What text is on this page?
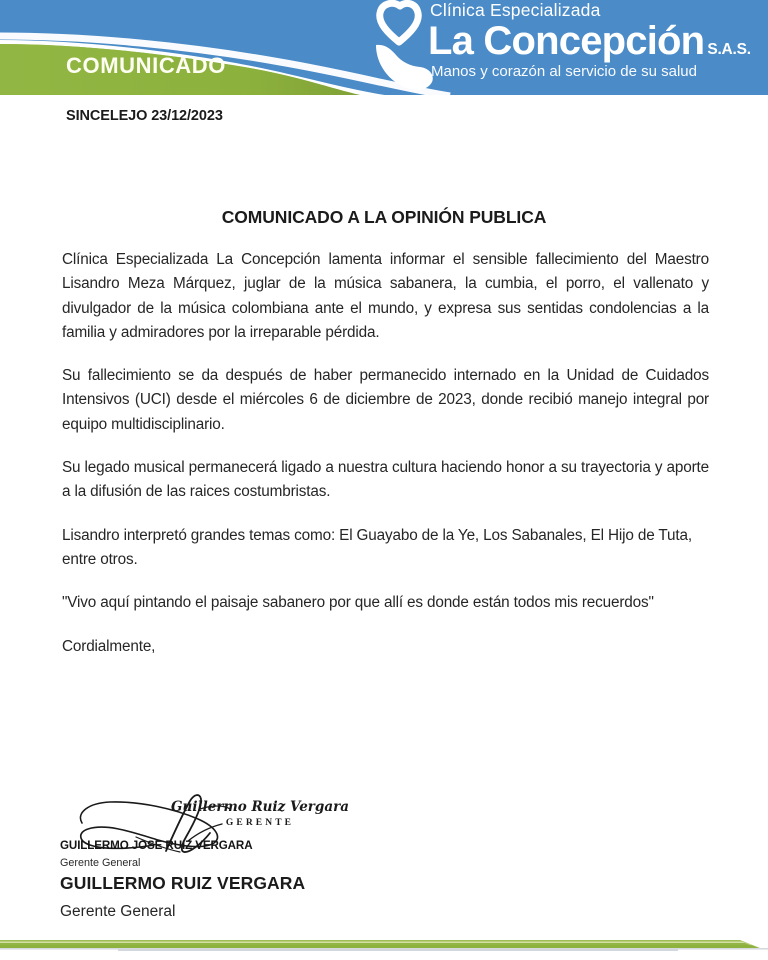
Clínica Especializada
La Concepción S.A.S.
Manos y corazón al servicio de su salud
COMUNICADO
SINCELEJO 23/12/2023
COMUNICADO A LA OPINIÓN PUBLICA

Clínica Especializada La Concepción lamenta informar el sensible fallecimiento del Maestro Lisandro Meza Márquez, juglar de la música sabanera, la cumbia, el porro, el vallenato y divulgador de la música colombiana ante el mundo, y expresa sus sentidas condolencias a la familia y admiradores por la irreparable pérdida.

Su fallecimiento se da después de haber permanecido internado en la Unidad de Cuidados Intensivos (UCI) desde el miércoles 6 de diciembre de 2023, donde recibió manejo integral por equipo multidisciplinario.

Su legado musical permanecerá ligado a nuestra cultura haciendo honor a su trayectoria y aporte a la difusión de las raices costumbristas.

Lisandro interpretó grandes temas como: El Guayabo de la Ye, Los Sabanales, El Hijo de Tuta, entre otros.

"Vivo aquí pintando el paisaje sabanero por que allí es donde están todos mis recuerdos"

Cordialmente,

Guillermo Ruiz Vergara
GERENTE
GUILLERMO JOSE RUIZ VERGARA
Gerente General
GUILLERMO RUIZ VERGARA
Gerente General
